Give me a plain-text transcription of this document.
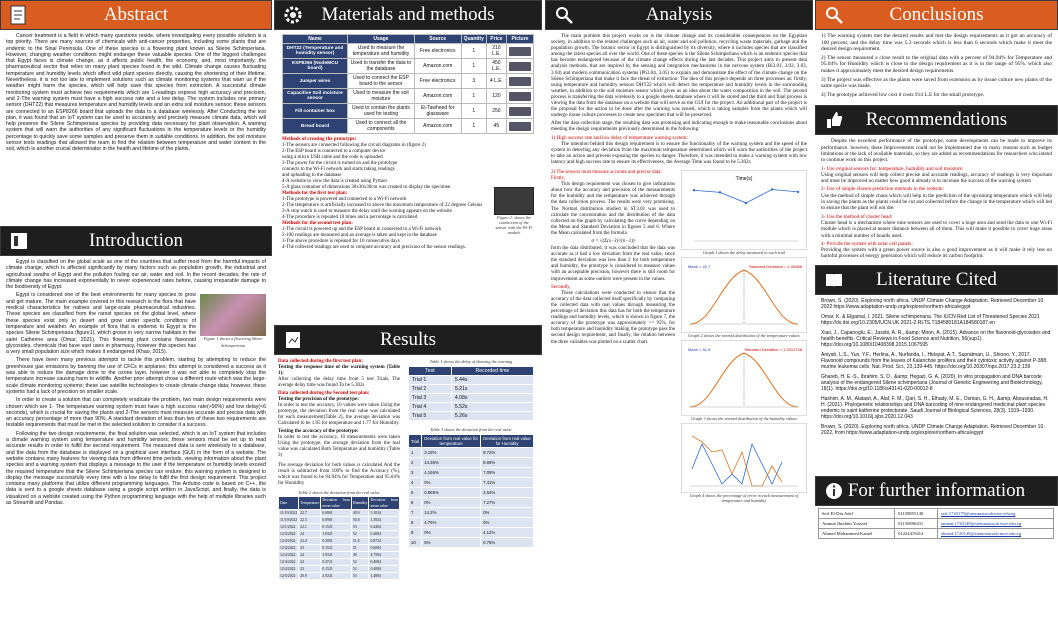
Abstract

Cancer treatment is a field in which many questions reside, where investigating every possible solution is a top priority. There are many sources of chemicals with anti-cancer properties, including some plants that are endemic to the Sinai Peninsula. One of these species is a flowering plant known as Silene Schimperiana. However, changing weather conditions might endanger these valuable species. One of the biggest challenges that Egypt faces is climate change, as it affects public health, the economy, and, most importantly, the pharmaceutical sector that relies on many plant species found in the wild. Climate change causes fluctuating temperature and humidity levels which affect wild plant species directly, causing the shortening of their lifetime. Nevertheless, it is not too late to implement solutions such as climate monitoring systems that warn us if the weather might harm the species, which will help save this species from extinction. A successful climate monitoring system must achieve two requirements which are 1-readings express high accuracy and precision, and 2-The warning system must have a high success rate and a low delay. The system includes one primary sensor (DHT22) that measures temperature and humidity levels and an extra soil moisture sensor; these sensors are connected to an ESP8266 board that uploads the data to a database wirelessly. After Conducting the test plan, it was found that an IoT system can be used to accurately and precisely measure climate data, which will help preserve the Silene Schimperiana species by providing data necessary for plant observation. A warning system that will warn the authorities of any significant fluctuations in the temperature levels or the humidity percentage to quickly save some samples and preserve them in suitable conditions. In addition, the soil moisture sensor tests readings that allowed the team to find the relation between temperature and water content in the soil, which is another crucial determinator in the health and lifetime of the plants.

Introduction

Egypt is classified on the global scale as one of the countries that suffer most from the harmful impacts of climate change, which is affected significantly by many factors such as population growth, the industrial and agricultural swaths of Egypt and the pollution fouling our air, water and soil. In the recent decades, the rate of climate change has increased exponentially to never experienced rates before, causing irreparable damage to the biodiversity of Egypt.

Figure 1 shows a flowering Silene Schimperiana

Egypt is considered one of the best environments for many species to grow and get mature. The main example covered in this research is the flora that have medical characteristics for natives and large-scale pharmaceutical industries. These species are classified from the rarest species on the global level, where these species exist only in desert and grow under specific conditions of temperature and weather. An example of flora that is endemic to Egypt is the species Silene Schimperiana (figure1), which grows in very narrow habitats in the saint Catherine area (Omar, 2021). This flowering plant contains flavonoid glycosides, chemicals that have vast uses in pharmacy, however this species has a very small population size which makes it endangered (Khao, 2015).

There have been many previous attempts to tackle this problem, starting by attempting to reduce the greenhouse gas emissions by banning the use of CFCs in airplanes; this attempt is considered a success as it was able to reduce the damage done to the ozone layer, however it was not able to completely stop the temperature increase causing harm to wildlife. Another prior attempt chose a different route which was the large-scale climate monitoring systems; these use satellite technologies to create climate change data; however, these systems had a lack of precision on smaller scale.

In order to create a solution that can completely eradicate the problem, two main design requirements were chosen which are 1- The temperature warning system must have a high success rate(>90%) and low delay(<6 seconds), which is crucial for saving the plants and 2-The sensors must measure accurate and precise data with an accuracy percentage of more than 90%. A standard deviation of less than two of these two requirements are testable requirements that must be met in the selected solution to consider it a success.

Following the two design requirements, the final solution was selected, which is an IoT system that includes a climate warning system using temperature and humidity sensors; these sensors must be set up to read accurate results in order to fulfill the second requirement. The measured data is sent wirelessly to a database, and the data from the database is displayed on a graphical user interface (GUI) in the form of a website. The website contains many features for viewing data from different time periods, viewing information about the plant species and a warning system that displays a message to the user if the temperature or humidity levels exceed the required temperature that the Silene Schimperiana species can endure; this warning system is designed to display the message successfully every time with a low delay to fulfil the first design requirement. This project contains many platforms that utilize different programming languages. The Arduino code is based on C++, the data is sent to a google sheets database using a google script written in JavaScript, and finally, the data is visualized on a website created using the Python programming language with the help of multiple libraries such as Streamlit and Pandas.

Materials and methods
Name	Usage	Source	Quantity	Price	Picture
DHT22 (Temperature and humidity sensor)	Used to measure the temperature and humidity	Free electronics	1	210 L.E.	

ESP8266 (NodeMCU board)	Used to transfer the data to the database	Amazon.com	1	450 L.E.	

Jumper wires	Used to connect the ESP board to the sensor	Free electronics	3	4 L.E.	

Capacitive Soil moisture sensor	Used to measure the soil moisture	Amazon.com	1	120	

Fill container box	Used to contain the plants used for testing	El-Tawheed for glassware	1	250	

Bread board	Used to connect all the components	Amazon.com	1	45	
Methods of creating the prototype:
1-The sensors are connected following the circuit diagrams in (figure 2)
2-The ESP board is connected to a computer device
using a micro USB cable and the code is uploaded
3-The power for the circuit is turned on and the prototype
connects to the Wi-Fi network and starts taking readings
and uploading to the database
4-A website to view the data is created using Python
5-A glass container of dimensions 30x30x30cm was created to display the specimen
Methods for the first test plan:
1-The prototype is powered and connected to a Wi-Fi network
2-The temperature is artificially increased to above the maximum temperature of 22 degrees Celsius
3-A stop watch is used to measure the delay until the warning appears on the website
4-The procedure is repeated 10 times and a percentage is calculated
Methods for the second test plan:
1-The circuit is powered up and the ESP board in connected to a Wi-Fi network
2-100 readings are measured and an average is taken and kept in the database
3-The above procedure is repeated for 10 consecutive days
4-The collected readings are used to compute accuracy and precision of the sensor readings.
Figure 2: shows the connection of the sensor with the Wi-Fi module
Results
Data collected during the first test plan:
Testing the response time of the warning system (Table 1):
After collecting the delay time from 5 test Trials, The average delay time was found To be 5.302s
Data collected during the Second test plan:
Testing the precision of the prototype:
In order to test the accuracy, 10 values were taken Using the prototype, the deviation from the real value was calculated for each measurement(Table 2), the average deviation was Calculated to be 1.05 for temperature and 1.77 for Humidity.
Testing the accuracy of the prototype:
In order to test the accuracy, 10 measurements were taken Using the prototype, the average deviation from the real value was calculated Both Temperature and humidity (Table 3)
The average deviation for both values is calculated And the result is subtracted from 100% to find the Accuracy (%), which was found to be 94.94% for Temperature and 95.04% for Humidity
Table 2 shows the deviation from the real value
Date	Temperature	Deviation from mean value	Humidity	Deviation from mean value
11/19/2022	22.7	0.0001	49.9	3.1034
11/19/2022	22.3	0.0901	50.8	1.3924
12/1/2022	22.1	0.1521	53	0.4404
12/3/2022	24	1.9321	52	0.4084
12/4/2022	22.4	0.5001	51.6	0.8724
12/4/2022	23	0.1521	51	0.6084
12/4/2022	24	1.9321	49	4.7584
12/4/2022	22	0.4721	52	0.4084
12/4/2022	23	0.1521	52	0.4084
12/5/2022	20.9	2.9241	53	1.4884
Table 1 shows the delay of showing the warning
Test	Recorded time
Trial 1	5.44s
Trial 2	5.21s
Trial 3	4.08s
Trial 4	5.52s
Trial 5	5.26s
Table 3 shows the deviation from the real value
Trial	Deviation from real value for temperature	Deviation from real value for Humidity
1	3.18%	9.72%
2	14.36%	8.99%
3	4.166%	7.05%
4	0%	7.41%
5	0.869%	2.64%
6	0%	7.27%
7	14.2%	0%
8	4.76%	0%
9	0%	4.12%
10	5%	0.76%
Analysis

The main problem this project works on is the climate change and its considerable consequences on the Egyptian society, in addition to the related challenges such as air, water and soil pollution, recycling waste materials, garbage and the population growth. The botanic sector in Egypt is distinguished by its diversity, where it includes species that are classified among the rarest species all over the world. One of these species is the Silene Schimperiana which is an endemic species that has become endangered because of the climate change effects during the last decades. This project aims to present data analysis methods, that are inspired by the sensing and integration mechanisms in the nervous system (Bi3.01, 3.02, 3.03, 3.04) and modern communication systems (Ph3.04, 3.05) to explain and demonstrate the effect of the climate change on the Silene Schimperiana that make it face the threat of extinction. The idea of this project depends on three processes as: firstly, using temperature and humidity sensors DHT22 which will detect the temperature and humidity levels in the surrounding weather, in addition to the soil moisture sensor which gives us an idea about the water composition in the soil. The second process is transferring the data wirelessly to a google sheets database where it will be stored and the third and final process is viewing the data from the database on a website that will serve as the GUI for the project. An additional part of the project is the proposal for the action to be done after the warning was issued, which is taking samples from the plants which will undergo tissue culture processes to create new specimen that will be preserved.

After the data collection stage, the resulting data was promising and indicating enough to make reasonable conclusions about meeting the design requirements previously determined in the following:

1) High success rate and low delay of temperature warning system:

The intention behind this design requirement is to ensure the functionality of the warning system and the speed of the system in detecting any deviation from the maximum temperature determined which will warn the authorities of the project to take an action and prevent exposing the species to danger. Therefore, it was intended to make a warning system with low latency and high success rate to ensure its effectiveness, the Average Time was found to be 5.302s

2) The sensors must measure accurate and precise data:
Firstly,

This design requirement was chosen to give indications about how the accuracy and precision of the measurements for the humidity and the temperature was achieved through the data collection process. The results were very promising. The Normal distribution studied in ST3.01 was used to calculate the concentration and the distribution of the data collected on the graph by calculating the curve depending on the Mean and Standard Deviation in figures 5 and 6. Where the Mean calculated from the formula

σ = √(Σ(x−x̄)²/(n−1))

form the data distributed, it was concluded that the data was accurate as it had a low deviation from the real value, since the standard deviation was less than 2 for both temperature and humidity, the prototype is considered to measure values with an acceptable precision, however there is still room for improvement as some outliers were present in the values.

Secondly,

These calculations were conducted to ensure that the accuracy of the data collected itself specifically by comparing the collected data with real values through measuring the percentage of deviation this data has for both the temperature readings and humidity levels, which is shown in figure 7, the accuracy of the prototype was approximately >= 95%, for both temperature and humidity making the prototype pass the second design requirement, and finally, the relation between the three variables was plotted on a scatter chart.

Time(s)
Graph 1 shows the delay measured in each trial
Mean = 22.7	Standard Deviation = 1.06386
Graph 2 shows the normal distribution of the temperature values
Mean = 51.5	Standard Deviation = 1.3312748
Graph 3 shows the normal distribution of the humidity values
Graph 4 shows the percentage of error in each measurement of temperature and humidity
Conclusions

1) The warning system met the desired results and met the design requirements as it got an accuracy of 100 percent, and the delay time was 5.3 seconds which is less than 6 seconds which make it meet the desired design requirement.

2) The sensor measured a close result to the original data with a percent of 94.94% for Temperature and 95.04% for Humidity which is close to the design requirement as it is in the range of 95%. which also makes it approximately meet the desired design requirements.

3) The project was effective as the plants were saved from extension as by tissue culture new plants of the same specie was made.

4) The prototype achieved low cost it costs 914 L.E for the small prototype.

Recommendations

Despite the excellent performance of the prototype, some developments can be made to improve its performance. however, these Improvements could not be implemented due to many reasons such as budget limitations or the lack of available materials, so they are added as recommendations for researchers who intend to continue work on this project.

1- Use original sensors for: temperature, humidity and soil moisture:

Using original sensors will help collect precise and accurate readings, accuracy of readings is very important and must be improved no matter how good it already is to increase the success of the warning system

2- Use of simple chosen prediction methods in the website:

Use the method of simple chaos which will help in the prediction of the upcoming temperature which will help in saving the plants as the plants could be cut and collected before the change in the temperature which will led to ensure that the plant will not die.

3- Use the method of cluster head:

Cluster head is a mechanism where nine sensors are used to cover a huge area and send the data to one Wi-Fi module which is placed at nearer distance between all of them. This will make it possible to cover huge areas with a minimal number of boards used.

4- Provide the system with solar cell panels:

Providing the system with a green power source is also a good improvement as it will make it rely less on harmful processes of energy generation which will reduce its carbon footprint.

Literature Cited

Brown, S. (2020). Exploring north africa. UNDP Climate Change Adaptation. Retrieved December 10, 2022 https://www.adaptation-undp.org/explore/northern-africa/egypt

Omar, K. & Elgamal, I. 2021. Silene schimperiana. The IUCN Red List of Threatened Species 2021 https://dx.doi.org/10.2305/IUCN.UK.2021-2.RLTS.T184580181A184580187.en

Xiao, J., Capanoglu, E., Jassbi, A. R., &amp; Miron, A. (2015). Advance on the flavonoid-glycosides and health benefits. Critical Reviews in Food Science and Nutrition, 56(sup1). https://doi.org/10.1080/10408398.2015.1067595

Aniyah, L.S., Yun, Y.F., Herlina, A., Nurfarida, I., Hidayat, A.T., Supratman, U., Shiono, Y., 2017. Flavonoid compounds from the leaves of Kalanchoe prolifera and their cytotoxic activity against P-388 murine leukemia cells. Nat. Prod. Sci., 23,139-445. https://doi.org/10.20307/nps.2017.23.2.139

Ghareb, H. E.-S., Ibrahim, S. D., &amp; Hegazi, G. A. (2020). In vitro propagation and DNA barcode analysis of the endangered Silene schimperiana (Journal of Genetic Engineering and Biotechnology, 18(1). https://doi.org/10.1186/s43141-020-00012-8

Hashim, A. M., Alatawi, A., Alaf, F. M., Qari, S. H., Elhady, M. E., Osman, G. H., &amp; Abouseadaa, H. H. (2021). Phylogenetic relationships and DNA barcoding of nine endangered medicinal plant species endemic to saint katherine protectorate. Saudi Journal of Biological Sciences, 28(3), 1919–1930. https://doi.org/10.1016/j.sjbs.2020.12.043

Brown, S. (2020). Exploring north africa. UNDP Climate Change Adaptation. Retrieved December 10, 2022, from https://www.adaptation-undp.org/explore/northern-africa/egypt

For further information
Seif El-Din Adel	01158855148	seif.1720179@stemmatrouh.moe.edu.eg
Ammar Ibrahim Youssef	01150806431	ammar.1720148@stemmatrouh.moe.edu.eg
Ahmed Mohammed Kamel	01224419414	ahmed.1720149@stemmatrouh.moe.edu.eg
